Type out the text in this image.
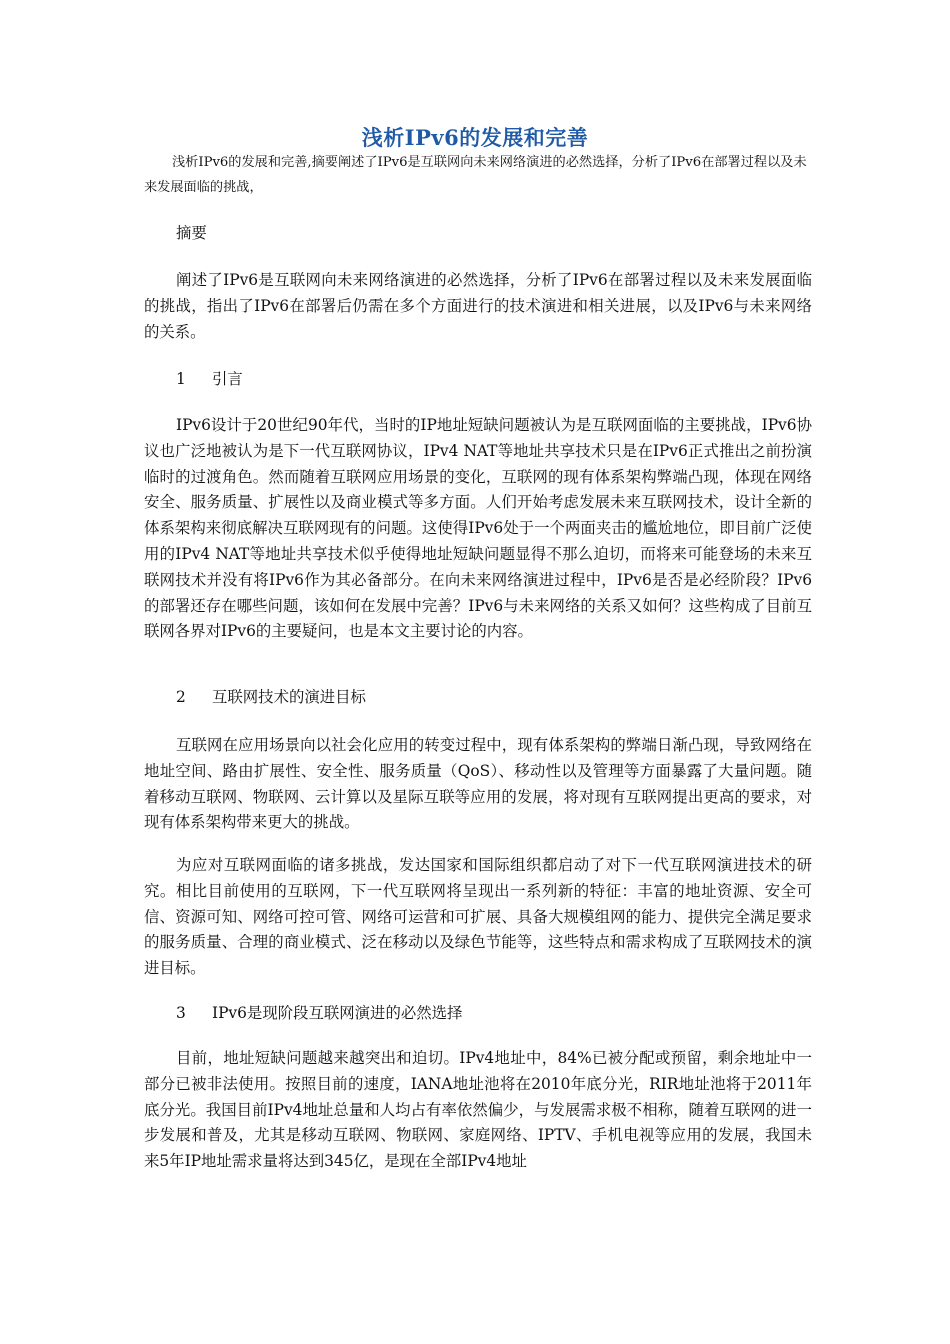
浅析IPv6的发展和完善
浅析IPv6的发展和完善,摘要阐述了IPv6是互联网向未来网络演进的必然选择，分析了IPv6在部署过程以及未来发展面临的挑战，
摘要
阐述了IPv6是互联网向未来网络演进的必然选择，分析了IPv6在部署过程以及未来发展面临的挑战，指出了IPv6在部署后仍需在多个方面进行的技术演进和相关进展，以及IPv6与未来网络的关系。
1 引言
IPv6设计于20世纪90年代，当时的IP地址短缺问题被认为是互联网面临的主要挑战，IPv6协议也广泛地被认为是下一代互联网协议，IPv4 NAT等地址共享技术只是在IPv6正式推出之前扮演临时的过渡角色。然而随着互联网应用场景的变化，互联网的现有体系架构弊端凸现，体现在网络安全、服务质量、扩展性以及商业模式等多方面。人们开始考虑发展未来互联网技术，设计全新的体系架构来彻底解决互联网现有的问题。这使得IPv6处于一个两面夹击的尴尬地位，即目前广泛使用的IPv4 NAT等地址共享技术似乎使得地址短缺问题显得不那么迫切，而将来可能登场的未来互联网技术并没有将IPv6作为其必备部分。在向未来网络演进过程中，IPv6是否是必经阶段？IPv6的部署还存在哪些问题，该如何在发展中完善？IPv6与未来网络的关系又如何？这些构成了目前互联网各界对IPv6的主要疑问，也是本文主要讨论的内容。
2 互联网技术的演进目标
互联网在应用场景向以社会化应用的转变过程中，现有体系架构的弊端日渐凸现，导致网络在地址空间、路由扩展性、安全性、服务质量（QoS）、移动性以及管理等方面暴露了大量问题。随着移动互联网、物联网、云计算以及星际互联等应用的发展，将对现有互联网提出更高的要求，对现有体系架构带来更大的挑战。
为应对互联网面临的诸多挑战，发达国家和国际组织都启动了对下一代互联网演进技术的研究。相比目前使用的互联网，下一代互联网将呈现出一系列新的特征：丰富的地址资源、安全可信、资源可知、网络可控可管、网络可运营和可扩展、具备大规模组网的能力、提供完全满足要求的服务质量、合理的商业模式、泛在移动以及绿色节能等，这些特点和需求构成了互联网技术的演进目标。
3 IPv6是现阶段互联网演进的必然选择
目前，地址短缺问题越来越突出和迫切。IPv4地址中，84%已被分配或预留，剩余地址中一部分已被非法使用。按照目前的速度，IANA地址池将在2010年底分光，RIR地址池将于2011年底分光。我国目前IPv4地址总量和人均占有率依然偏少，与发展需求极不相称，随着互联网的进一步发展和普及，尤其是移动互联网、物联网、家庭网络、IPTV、手机电视等应用的发展，我国未来5年IP地址需求量将达到345亿，是现在全部IPv4地址
